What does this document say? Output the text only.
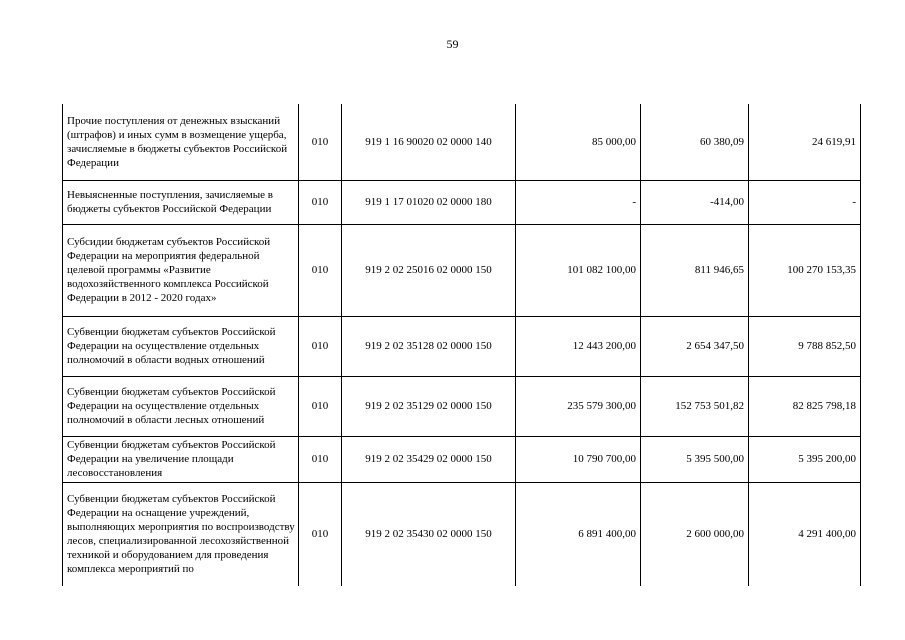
59
Прочие поступления от денежных взысканий (штрафов) и иных сумм в возмещение ущерба, зачисляемые в бюджеты субъектов Российской Федерации	010	919 1 16 90020 02 0000 140	85 000,00	60 380,09	24 619,91

Невыясненные поступления, зачисляемые в бюджеты субъектов Российской Федерации	010	919 1 17 01020 02 0000 180	-	-414,00	-

Субсидии бюджетам субъектов Российской Федерации на мероприятия федеральной целевой программы «Развитие водохозяйственного комплекса Российской Федерации в 2012 - 2020 годах»	010	919 2 02 25016 02 0000 150	101 082 100,00	811 946,65	100 270 153,35

Субвенции бюджетам субъектов Российской Федерации на осуществление отдельных полномочий в области водных отношений	010	919 2 02 35128 02 0000 150	12 443 200,00	2 654 347,50	9 788 852,50

Субвенции бюджетам субъектов Российской Федерации на осуществление отдельных полномочий в области лесных отношений	010	919 2 02 35129 02 0000 150	235 579 300,00	152 753 501,82	82 825 798,18

Субвенции бюджетам субъектов Российской Федерации на увеличение площади лесовосстановления	010	919 2 02 35429 02 0000 150	10 790 700,00	5 395 500,00	5 395 200,00

Субвенции бюджетам субъектов Российской Федерации на оснащение учреждений, выполняющих мероприятия по воспроизводству лесов, специализированной лесохозяйственной техникой и оборудованием для проведения комплекса мероприятий по	010	919 2 02 35430 02 0000 150	6 891 400,00	2 600 000,00	4 291 400,00
